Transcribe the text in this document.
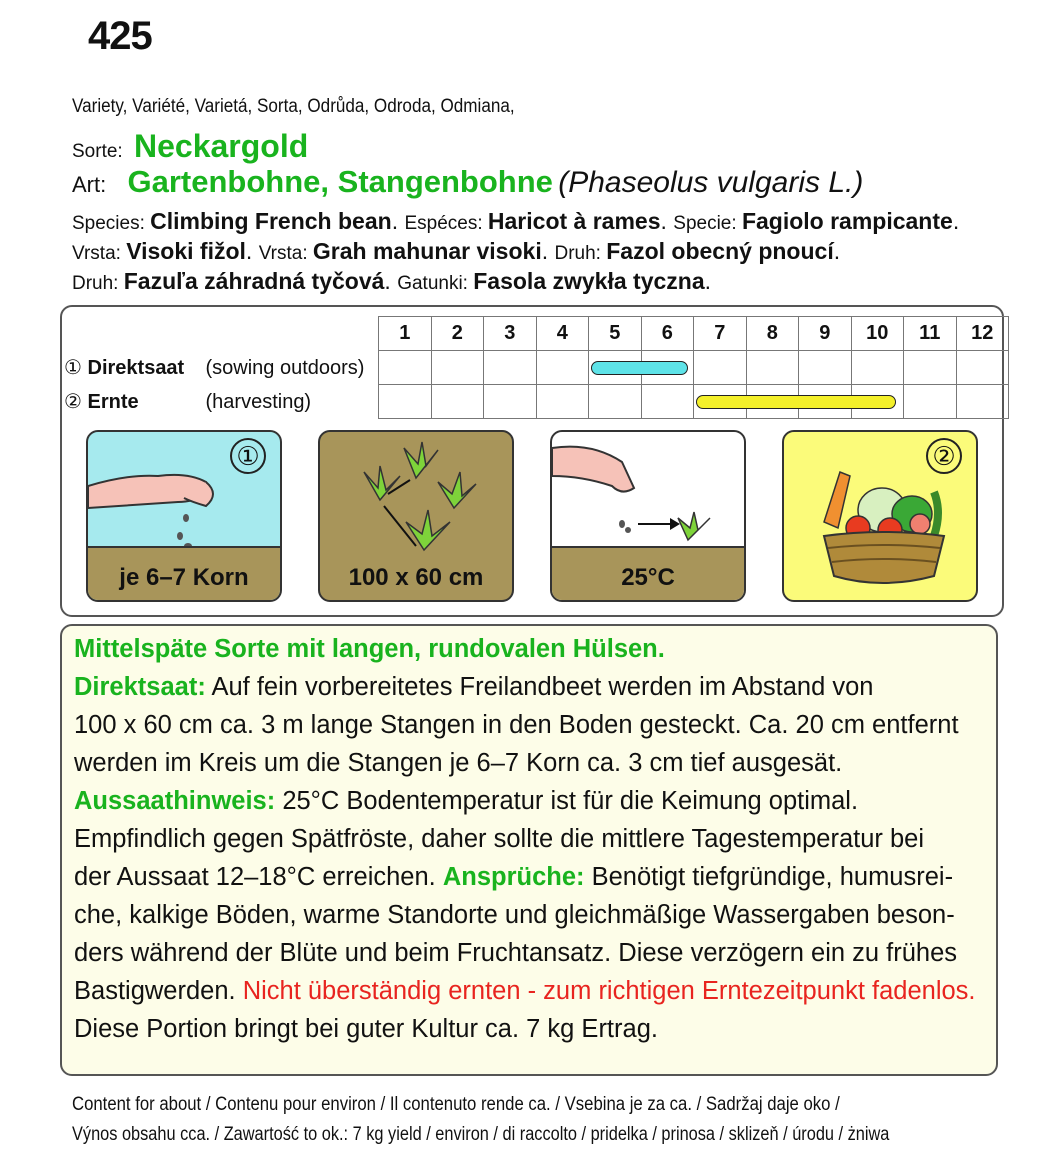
425
Variety, Variété, Varietá, Sorta, Odrůda, Odroda, Odmiana,
Sorte: Neckargold
Art: Gartenbohne, Stangenbohne (Phaseolus vulgaris L.)
Species: Climbing French bean. Espéces: Haricot à rames. Specie: Fagiolo rampicante.
Vrsta: Visoki fižol. Vrsta: Grah mahunar visoki. Druh: Fazol obecný pnoucí.
Druh: Fazuľa záhradná tyčová. Gatunki: Fasola zwykła tyczna.
	1	2	3	4	5	6	7	8	9	10	11	12
① Direktsaat (sowing outdoors)					

② Ernte (harvesting)							

①
je 6–7 Korn	100 x 60 cm	25°C
②

Mittelspäte Sorte mit langen, rundovalen Hülsen.

Direktsaat: Auf fein vorbereitetes Freilandbeet werden im Abstand von

100 x 60 cm ca. 3 m lange Stangen in den Boden gesteckt. Ca. 20 cm entfernt

werden im Kreis um die Stangen je 6–7 Korn ca. 3 cm tief ausgesät.

Aussaathinweis: 25°C Bodentemperatur ist für die Keimung optimal.

Empfindlich gegen Spätfröste, daher sollte die mittlere Tagestemperatur bei

der Aussaat 12–18°C erreichen. Ansprüche: Benötigt tiefgründige, humusrei-

che, kalkige Böden, warme Standorte und gleichmäßige Wassergaben beson-

ders während der Blüte und beim Fruchtansatz. Diese verzögern ein zu frühes

Bastigwerden. Nicht überständig ernten - zum richtigen Erntezeitpunkt fadenlos.

Diese Portion bringt bei guter Kultur ca. 7 kg Ertrag.

Content for about / Contenu pour environ / Il contenuto rende ca. / Vsebina je za ca. / Sadržaj daje oko /
Výnos obsahu cca. / Zawartość to ok.: 7 kg yield / environ / di raccolto / pridelka / prinosa / sklizeň / úrodu / żniwa
